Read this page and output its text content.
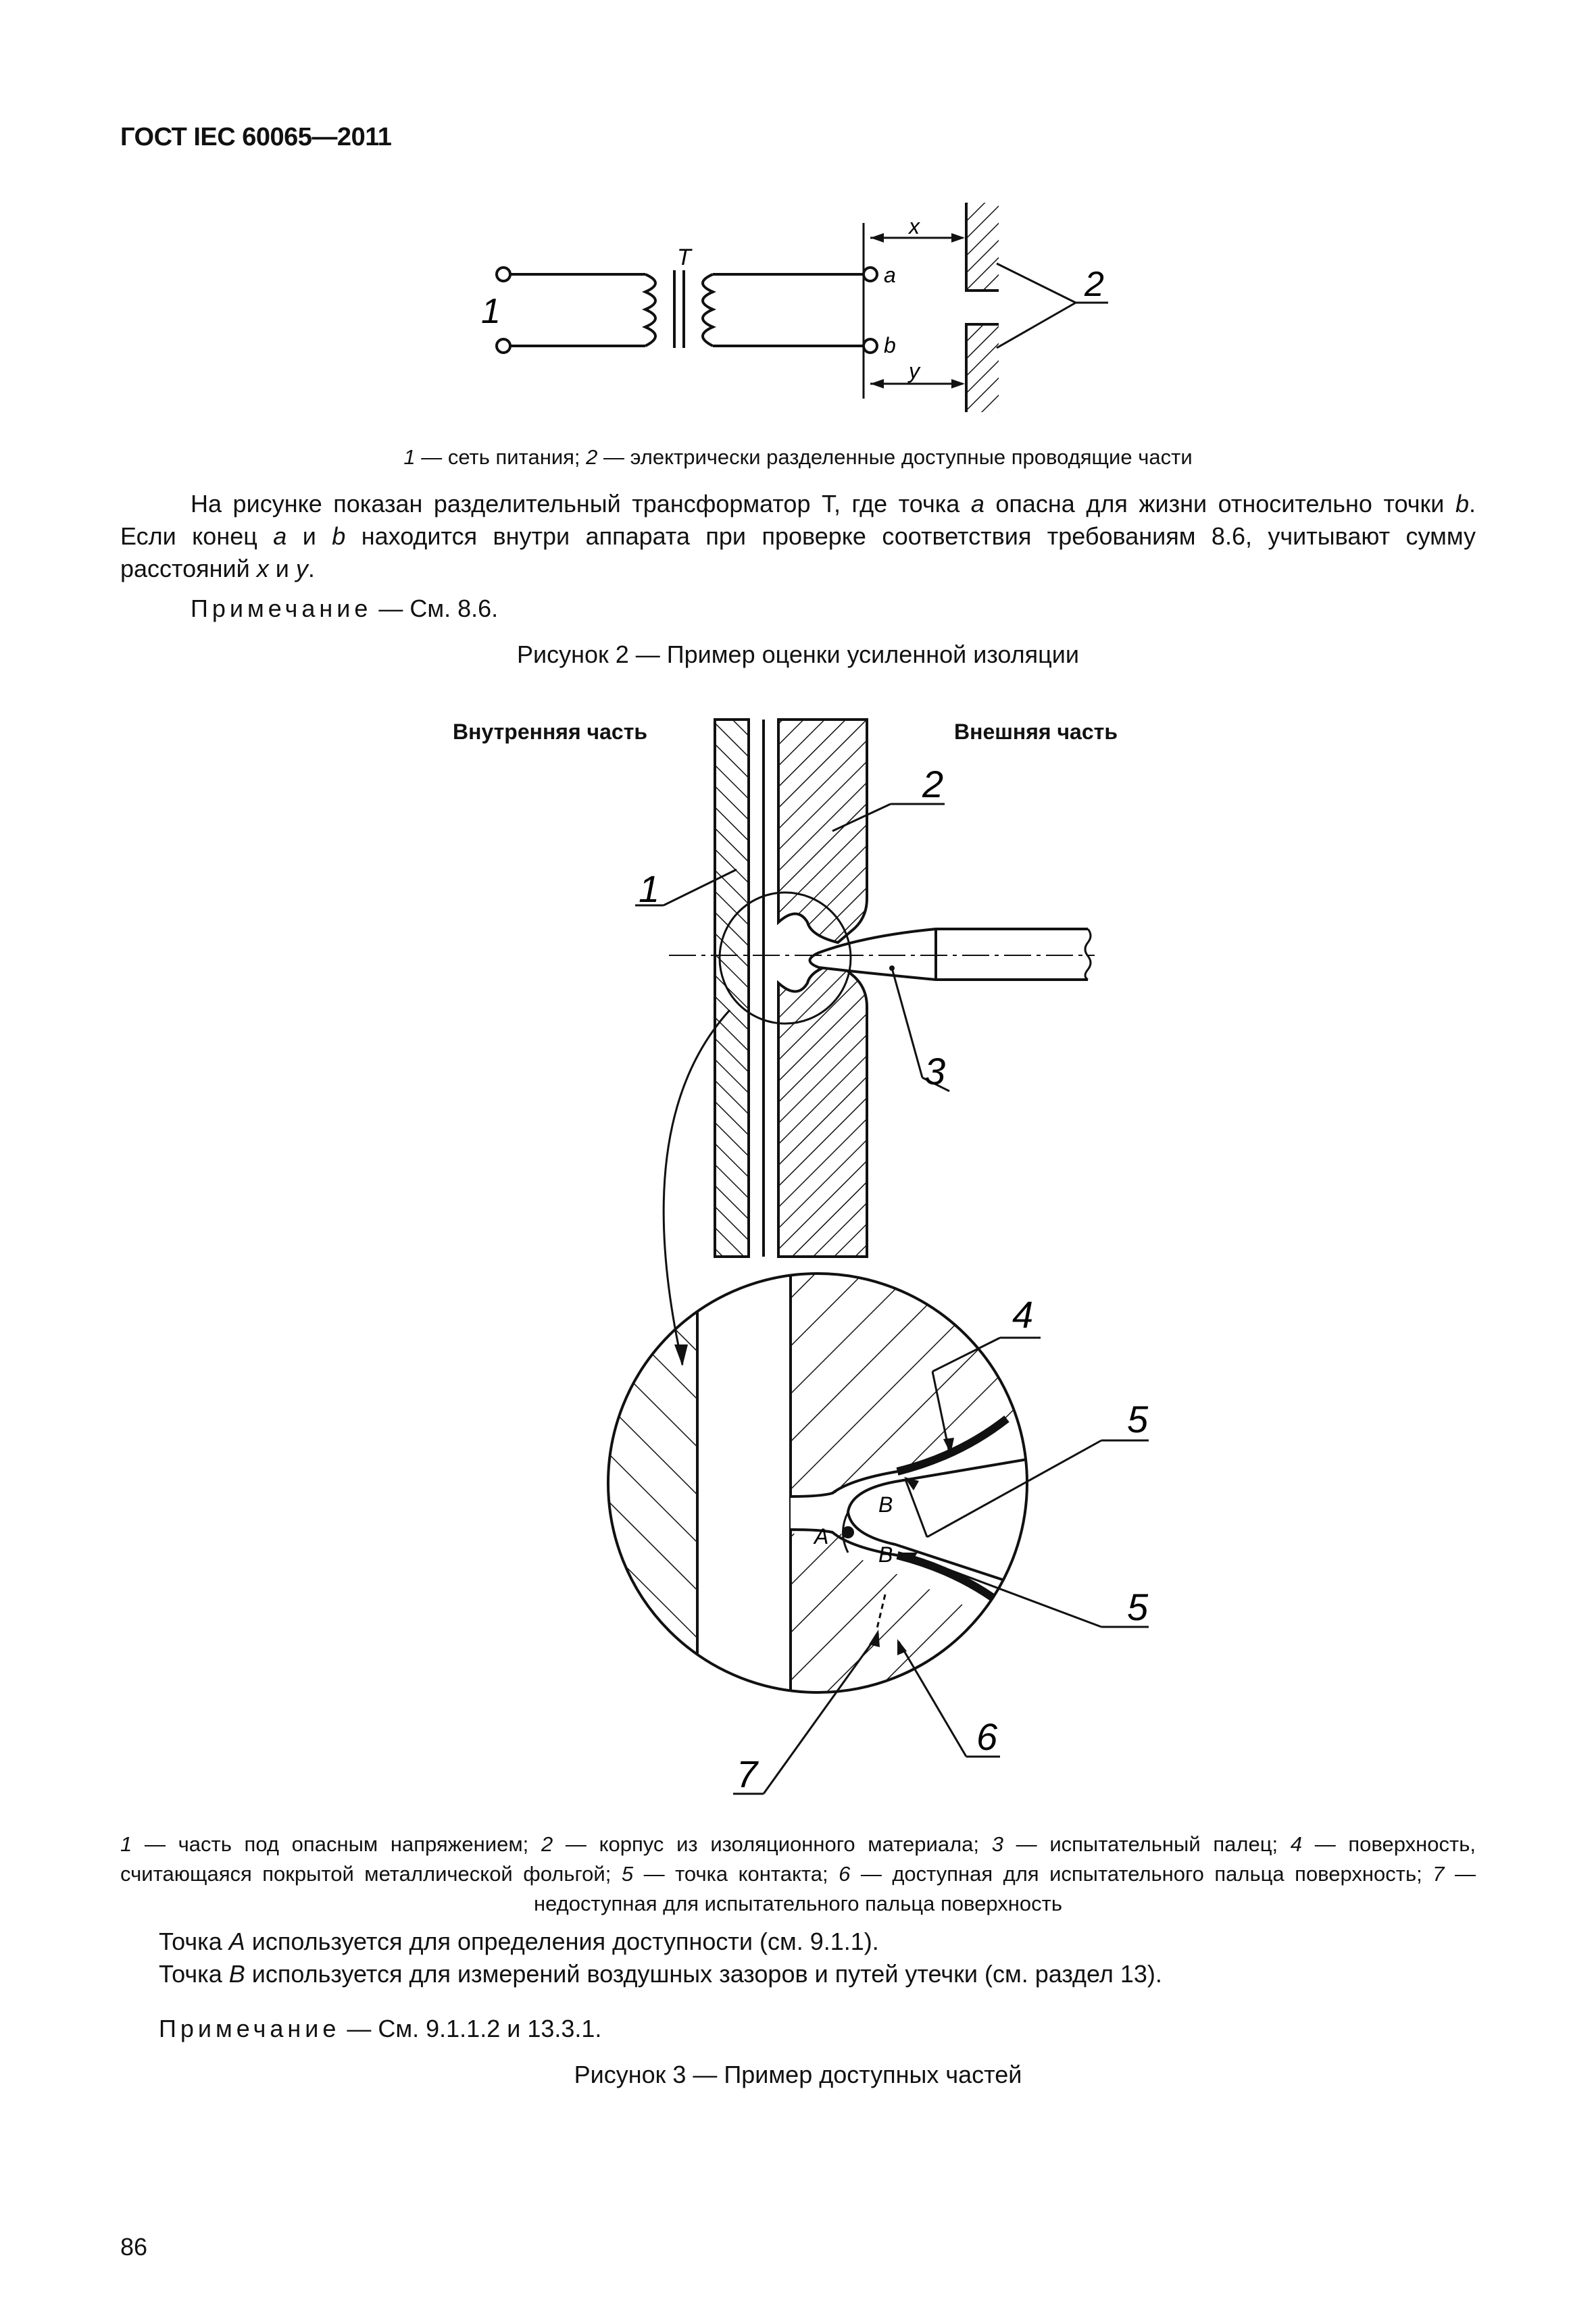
ГОСТ IEC 60065—2011
T
a
b
x
y
1
2
1 — сеть питания; 2 — электрически разделенные доступные проводящие части
На рисунке показан разделительный трансформатор T, где точка a опасна для жизни относительно точки b. Если конец a и b находится внутри аппарата при проверке соответствия требованиям 8.6, учитывают сумму расстояний x и y.
Примечание — См. 8.6.
Рисунок 2 — Пример оценки усиленной изоляции
Внутренняя часть	Внешняя часть
1
2
3
A
B
B
4
5
5
6
7
1 — часть под опасным напряжением; 2 — корпус из изоляционного материала; 3 — испытательный палец; 4 — поверхность, считающаяся покрытой металлической фольгой; 5 — точка контакта; 6 — доступная для испытательного пальца поверхность; 7 — недоступная для испытательного пальца поверхность
Точка A используется для определения доступности (см. 9.1.1).
Точка B используется для измерений воздушных зазоров и путей утечки (см. раздел 13).
Примечание — См. 9.1.1.2 и 13.3.1.
Рисунок 3 — Пример доступных частей
86
